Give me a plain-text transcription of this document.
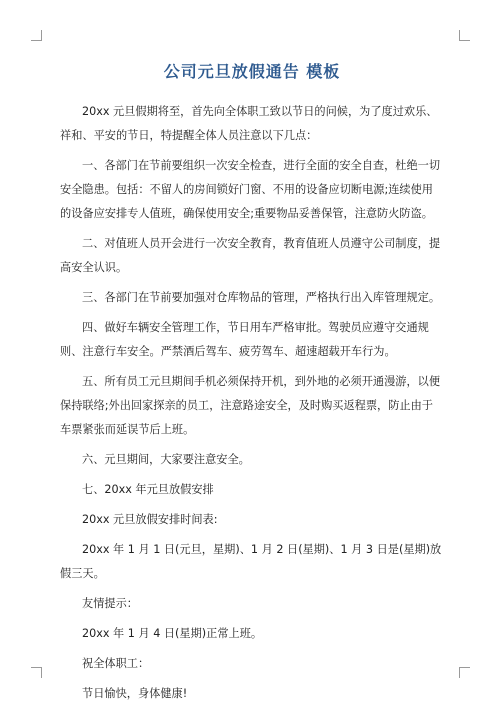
公司元旦放假通告 模板

20xx 元旦假期将至，首先向全体职工致以节日的问候，为了度过欢乐、祥和、平安的节日，特提醒全体人员注意以下几点：

一、各部门在节前要组织一次安全检查，进行全面的安全自查，杜绝一切安全隐患。包括：不留人的房间锁好门窗、不用的设备应切断电源;连续使用的设备应安排专人值班，确保使用安全;重要物品妥善保管，注意防火防盗。

二、对值班人员开会进行一次安全教育，教育值班人员遵守公司制度，提高安全认识。

三、各部门在节前要加强对仓库物品的管理，严格执行出入库管理规定。

四、做好车辆安全管理工作，节日用车严格审批。驾驶员应遵守交通规则、注意行车安全。严禁酒后驾车、疲劳驾车、超速超载开车行为。

五、所有员工元旦期间手机必须保持开机，到外地的必须开通漫游，以便保持联络;外出回家探亲的员工，注意路途安全，及时购买返程票，防止由于车票紧张而延误节后上班。

六、元旦期间，大家要注意安全。

七、20xx 年元旦放假安排

20xx 元旦放假安排时间表:

20xx 年 1 月 1 日(元旦，星期)、1 月 2 日(星期)、1 月 3 日是(星期)放假三天。

友情提示：

20xx 年 1 月 4 日(星期)正常上班。

祝全体职工：

节日愉快，身体健康!
